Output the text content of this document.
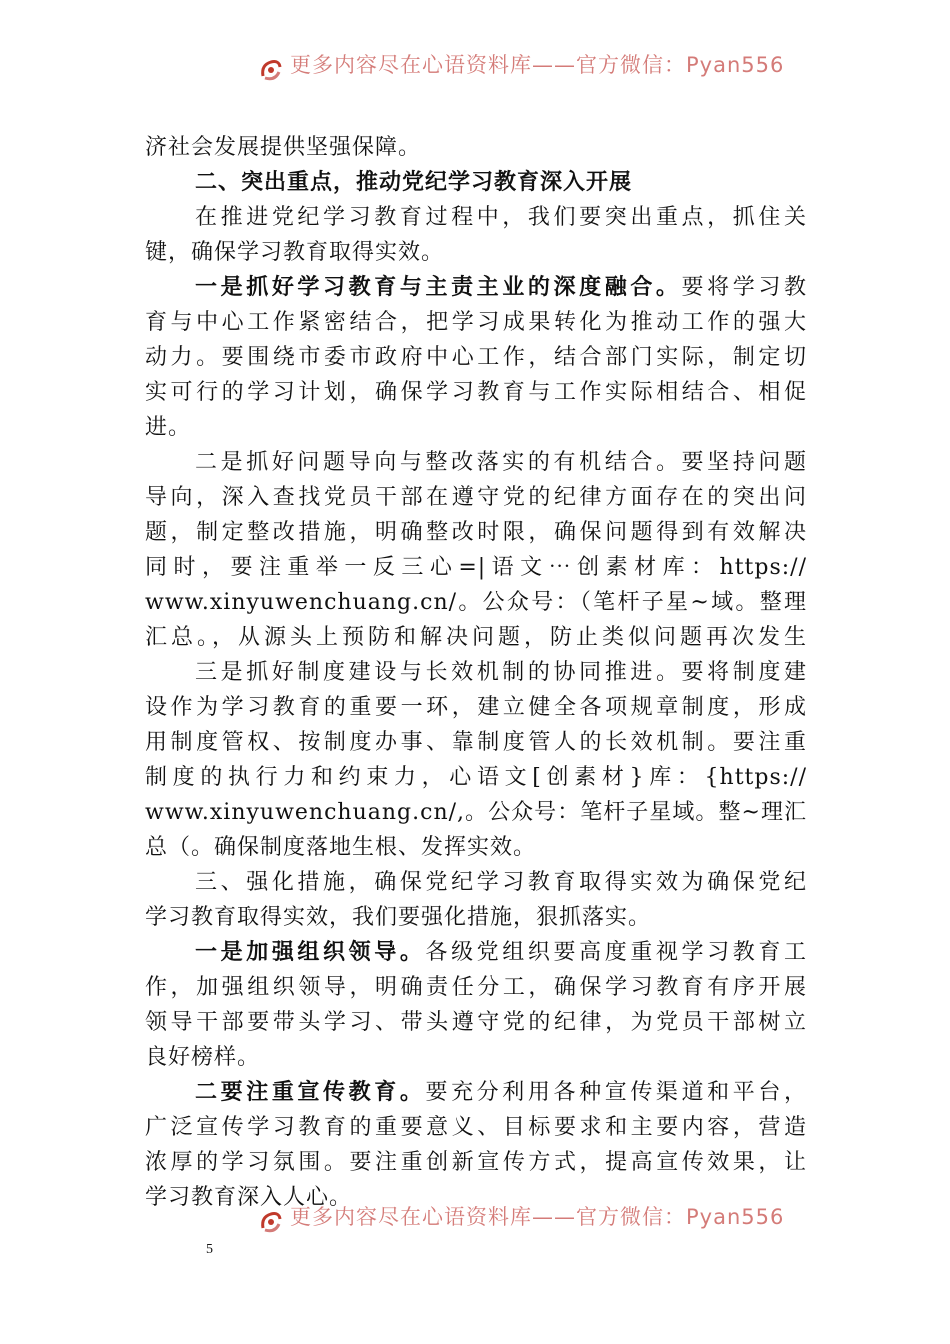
更多内容尽在心语资料库——官方微信：Pyan556
济社会发展提供坚强保障。
二、突出重点，推动党纪学习教育深入开展
在推进党纪学习教育过程中，我们要突出重点，抓住关
键，确保学习教育取得实效。
一是抓好学习教育与主责主业的深度融合。要将学习教
育与中心工作紧密结合，把学习成果转化为推动工作的强大
动力。要围绕市委市政府中心工作，结合部门实际，制定切
实可行的学习计划，确保学习教育与工作实际相结合、相促
进。
二是抓好问题导向与整改落实的有机结合。要坚持问题
导向，深入查找党员干部在遵守党的纪律方面存在的突出问
题，制定整改措施，明确整改时限，确保问题得到有效解决
同时，要注重举一反三心=|语文⋯创素材库：https://
www.xinyuwenchuang.cn/。公众号：（笔杆子星~域。整理
汇总。，从源头上预防和解决问题，防止类似问题再次发生
三是抓好制度建设与长效机制的协同推进。要将制度建
设作为学习教育的重要一环，建立健全各项规章制度，形成
用制度管权、按制度办事、靠制度管人的长效机制。要注重
制度的执行力和约束力，心语文[创素材}库：{https://
www.xinyuwenchuang.cn/,。公众号：笔杆子星域。整~理汇
总（。确保制度落地生根、发挥实效。
三、强化措施，确保党纪学习教育取得实效为确保党纪
学习教育取得实效，我们要强化措施，狠抓落实。
一是加强组织领导。各级党组织要高度重视学习教育工
作，加强组织领导，明确责任分工，确保学习教育有序开展
领导干部要带头学习、带头遵守党的纪律，为党员干部树立
良好榜样。
二要注重宣传教育。要充分利用各种宣传渠道和平台，
广泛宣传学习教育的重要意义、目标要求和主要内容，营造
浓厚的学习氛围。要注重创新宣传方式，提高宣传效果，让
学习教育深入人心。
更多内容尽在心语资料库——官方微信：Pyan556
5
